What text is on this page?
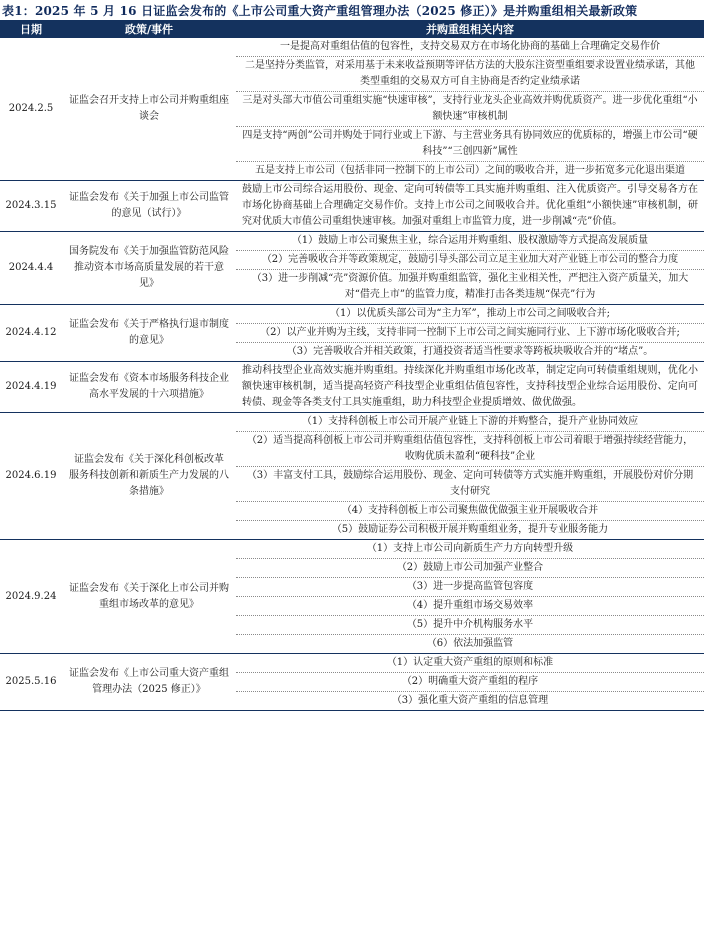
表1：2025 年 5 月 16 日证监会发布的《上市公司重大资产重组管理办法（2025 修正）》是并购重组相关最新政策
日期	政策/事件	并购重组相关内容
2024.2.5	证监会召开支持上市公司并购重组座谈会	一是提高对重组估值的包容性，支持交易双方在市场化协商的基础上合理确定交易作价
		二是坚持分类监管，对采用基于未来收益预期等评估方法的大股东注资型重组要求设置业绩承诺，其他类型重组的交易双方可自主协商是否约定业绩承诺
		三是对头部大市值公司重组实施“快速审核”，支持行业龙头企业高效并购优质资产。进一步优化重组“小额快速”审核机制
		四是支持“两创”公司并购处于同行业或上下游、与主营业务具有协同效应的优质标的，增强上市公司“硬科技”“三创四新”属性
		五是支持上市公司（包括非同一控制下的上市公司）之间的吸收合并，进一步拓宽多元化退出渠道
2024.3.15	证监会发布《关于加强上市公司监管的意见（试行）》	鼓励上市公司综合运用股份、现金、定向可转债等工具实施并购重组、注入优质资产。引导交易各方在市场化协商基础上合理确定交易作价。支持上市公司之间吸收合并。优化重组“小额快速”审核机制，研究对优质大市值公司重组快速审核。加强对重组上市监管力度，进一步削减“壳”价值。
2024.4.4	国务院发布《关于加强监管防范风险推动资本市场高质量发展的若干意见》	（1）鼓励上市公司聚焦主业，综合运用并购重组、股权激励等方式提高发展质量
		（2）完善吸收合并等政策规定，鼓励引导头部公司立足主业加大对产业链上市公司的整合力度
		（3）进一步削减“壳”资源价值。加强并购重组监管，强化主业相关性，严把注入资产质量关，加大对“借壳上市”的监管力度，精准打击各类违规“保壳”行为
2024.4.12	证监会发布《关于严格执行退市制度的意见》	（1）以优质头部公司为“主力军”，推动上市公司之间吸收合并;
		（2）以产业并购为主线，支持非同一控制下上市公司之间实施同行业、上下游市场化吸收合并;
		（3）完善吸收合并相关政策，打通投资者适当性要求等跨板块吸收合并的“堵点”。
2024.4.19	证监会发布《资本市场服务科技企业高水平发展的十六项措施》	推动科技型企业高效实施并购重组。持续深化并购重组市场化改革，制定定向可转债重组规则，优化小额快速审核机制，适当提高轻资产科技型企业重组估值包容性，支持科技型企业综合运用股份、定向可转债、现金等各类支付工具实施重组，助力科技型企业提质增效、做优做强。
2024.6.19	证监会发布《关于深化科创板改革 服务科技创新和新质生产力发展的八条措施》	（1）支持科创板上市公司开展产业链上下游的并购整合，提升产业协同效应
		（2）适当提高科创板上市公司并购重组估值包容性，支持科创板上市公司着眼于增强持续经营能力，收购优质未盈利“硬科技”企业
		（3）丰富支付工具，鼓励综合运用股份、现金、定向可转债等方式实施并购重组，开展股份对价分期支付研究
		（4）支持科创板上市公司聚焦做优做强主业开展吸收合并
		（5）鼓励证券公司积极开展并购重组业务，提升专业服务能力
2024.9.24	证监会发布《关于深化上市公司并购重组市场改革的意见》	（1）支持上市公司向新质生产力方向转型升级
		（2）鼓励上市公司加强产业整合
		（3）进一步提高监管包容度
		（4）提升重组市场交易效率
		（5）提升中介机构服务水平
		（6）依法加强监管
2025.5.16	证监会发布《上市公司重大资产重组管理办法（2025 修正）》	（1）认定重大资产重组的原则和标准
		（2）明确重大资产重组的程序
		（3）强化重大资产重组的信息管理
